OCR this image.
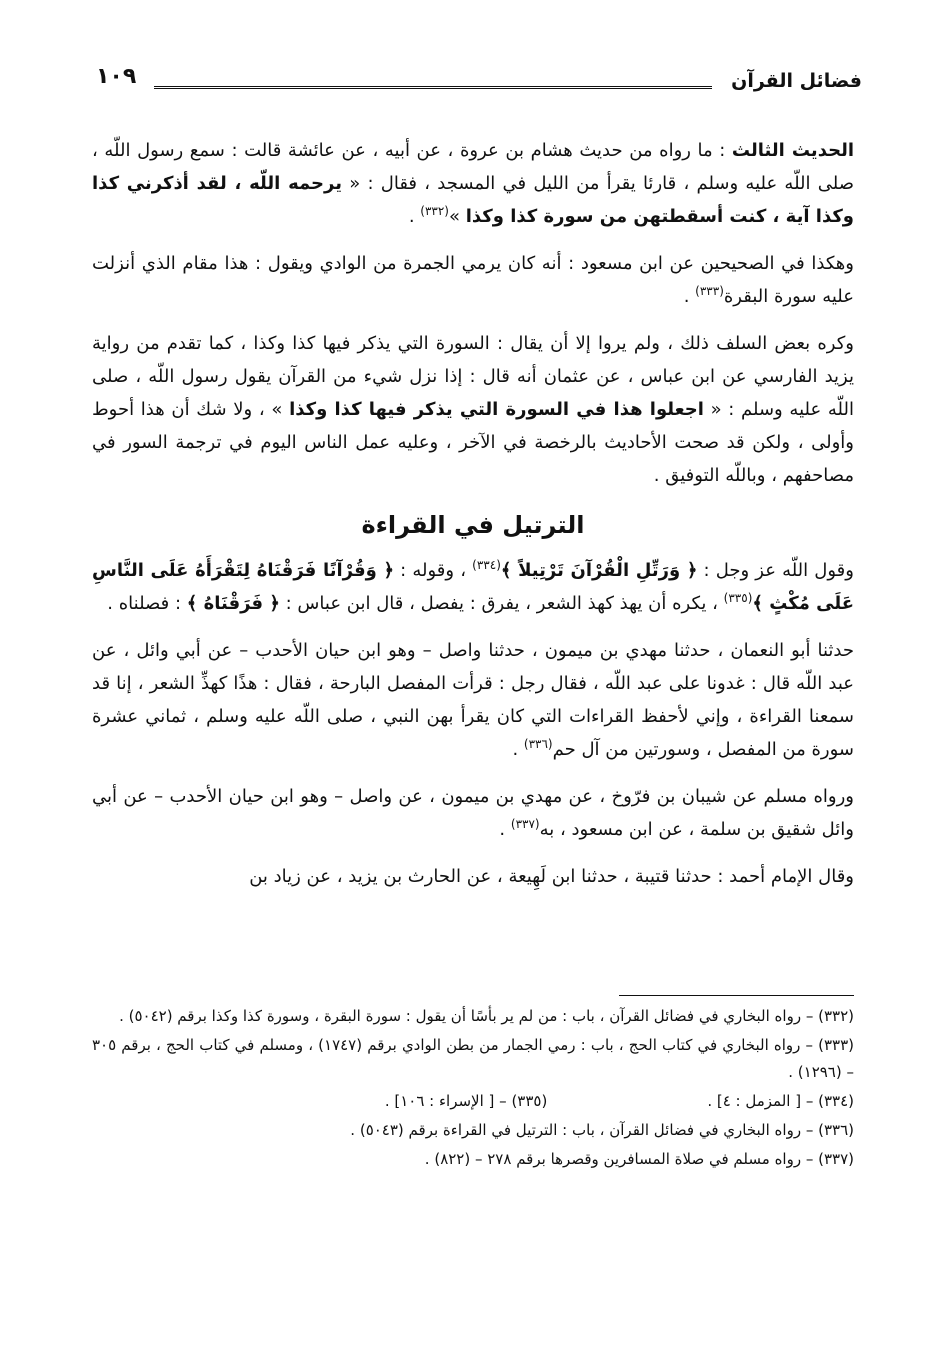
فضائل القرآن
١٠٩

الحديث الثالث : ما رواه من حديث هشام بن عروة ، عن أبيه ، عن عائشة قالت : سمع رسول اللّه ، صلى اللّه عليه وسلم ، قارئا يقرأ من الليل في المسجد ، فقال : « يرحمه اللّه ، لقد أذكرني كذا وكذا آية ، كنت أسقطتهن من سورة كذا وكذا »$^{(٣٣٢)}$ .

وهكذا في الصحيحين عن ابن مسعود : أنه كان يرمي الجمرة من الوادي ويقول : هذا مقام الذي أنزلت عليه سورة البقرة$^{(٣٣٣)}$ .

وكره بعض السلف ذلك ، ولم يروا إلا أن يقال : السورة التي يذكر فيها كذا وكذا ، كما تقدم من رواية يزيد الفارسي عن ابن عباس ، عن عثمان أنه قال : إذا نزل شيء من القرآن يقول رسول اللّه ، صلى اللّه عليه وسلم : « اجعلوا هذا في السورة التي يذكر فيها كذا وكذا » ، ولا شك أن هذا أحوط وأولى ، ولكن قد صحت الأحاديث بالرخصة في الآخر ، وعليه عمل الناس اليوم في ترجمة السور في مصاحفهم ، وباللّه التوفيق .

الترتيل في القراءة

وقول اللّه عز وجل : ﴿ وَرَتِّلِ الْقُرْآنَ تَرْتِيلاً ﴾$^{(٣٣٤)}$ ، وقوله : ﴿ وَقُرْآنًا فَرَقْنَاهُ لِتَقْرَأَهُ عَلَى النَّاسِ عَلَى مُكْثٍ ﴾$^{(٣٣٥)}$ ، يكره أن يهذ كهذ الشعر ، يفرق : يفصل ، قال ابن عباس : ﴿ فَرَقْنَاهُ ﴾ : فصلناه .

حدثنا أبو النعمان ، حدثنا مهدي بن ميمون ، حدثنا واصل – وهو ابن حيان الأحدب – عن أبي وائل ، عن عبد اللّه قال : غدونا على عبد اللّه ، فقال رجل : قرأت المفصل البارحة ، فقال : هذًا كهذِّ الشعر ، إنا قد سمعنا القراءة ، وإني لأحفظ القراءات التي كان يقرأ بهن النبي ، صلى اللّه عليه وسلم ، ثماني عشرة سورة من المفصل ، وسورتين من آل حم$^{(٣٣٦)}$ .

ورواه مسلم عن شيبان بن فرّوخ ، عن مهدي بن ميمون ، عن واصل – وهو ابن حيان الأحدب – عن أبي وائل شقيق بن سلمة ، عن ابن مسعود ، به$^{(٣٣٧)}$ .

وقال الإمام أحمد : حدثنا قتيبة ، حدثنا ابن لَهِيعة ، عن الحارث بن يزيد ، عن زياد بن

(٣٣٢) – رواه البخاري في فضائل القرآن ، باب : من لم ير بأسًا أن يقول : سورة البقرة ، وسورة كذا وكذا برقم (٥٠٤٢) .

(٣٣٣) – رواه البخاري في كتاب الحج ، باب : رمي الجمار من بطن الوادي برقم (١٧٤٧) ، ومسلم في كتاب الحج ، برقم ٣٠٥ – (١٢٩٦) .

(٣٣٤) – [ المزمل : ٤] .
(٣٣٥) – [ الإسراء : ١٠٦] .

(٣٣٦) – رواه البخاري في فضائل القرآن ، باب : الترتيل في القراءة برقم (٥٠٤٣) .

(٣٣٧) – رواه مسلم في صلاة المسافرين وقصرها برقم ٢٧٨ – (٨٢٢) .
